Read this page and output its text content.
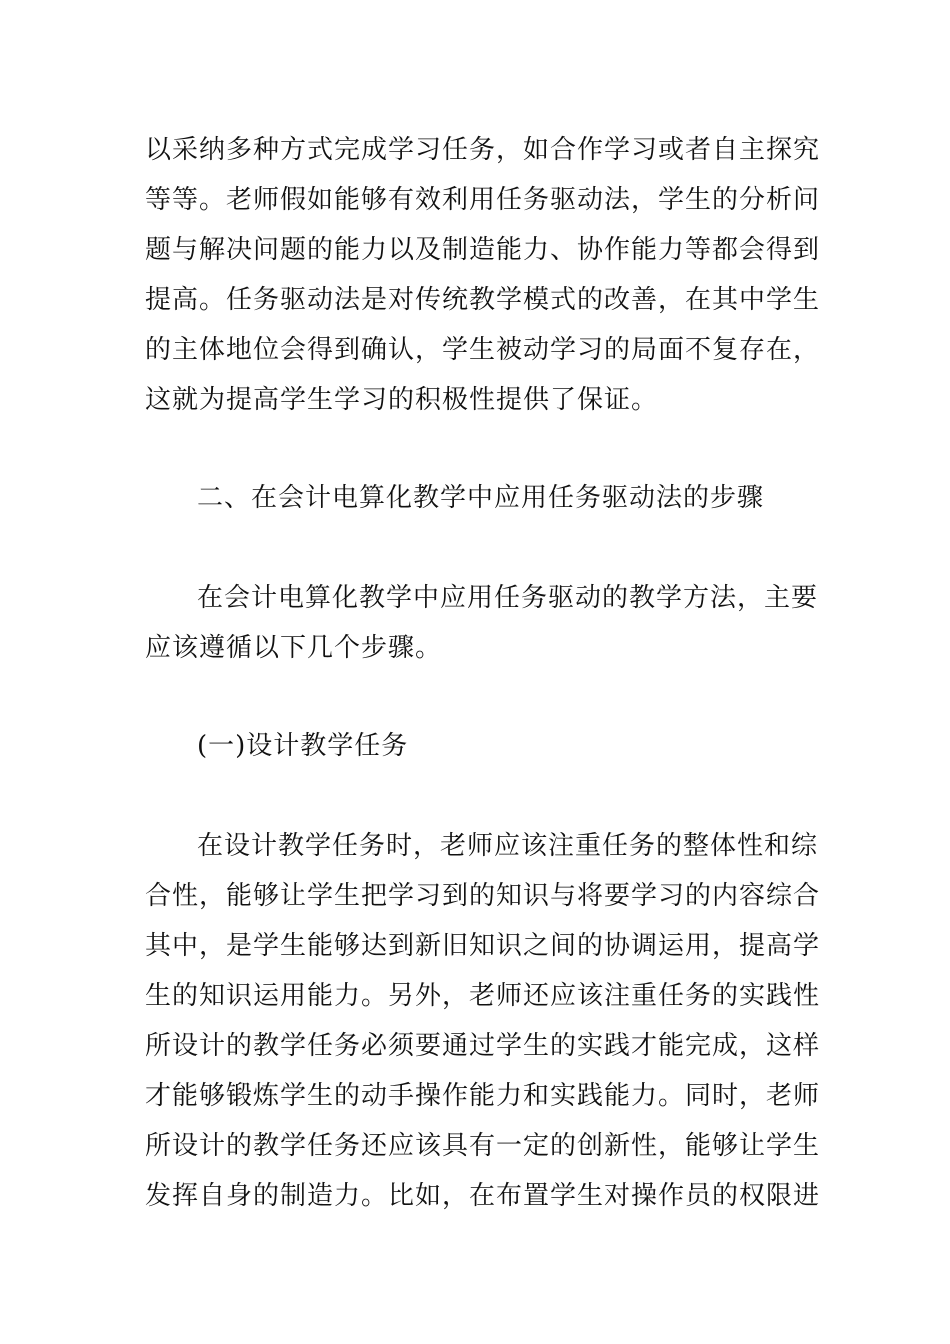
以采纳多种方式完成学习任务，如合作学习或者自主探究
等等。老师假如能够有效利用任务驱动法，学生的分析问
题与解决问题的能力以及制造能力、协作能力等都会得到
提高。任务驱动法是对传统教学模式的改善，在其中学生
的主体地位会得到确认，学生被动学习的局面不复存在，
这就为提高学生学习的积极性提供了保证。
二、在会计电算化教学中应用任务驱动法的步骤
在会计电算化教学中应用任务驱动的教学方法，主要
应该遵循以下几个步骤。
(一)设计教学任务
在设计教学任务时，老师应该注重任务的整体性和综
合性，能够让学生把学习到的知识与将要学习的内容综合
其中，是学生能够达到新旧知识之间的协调运用，提高学
生的知识运用能力。另外，老师还应该注重任务的实践性
所设计的教学任务必须要通过学生的实践才能完成，这样
才能够锻炼学生的动手操作能力和实践能力。同时，老师
所设计的教学任务还应该具有一定的创新性，能够让学生
发挥自身的制造力。比如，在布置学生对操作员的权限进
